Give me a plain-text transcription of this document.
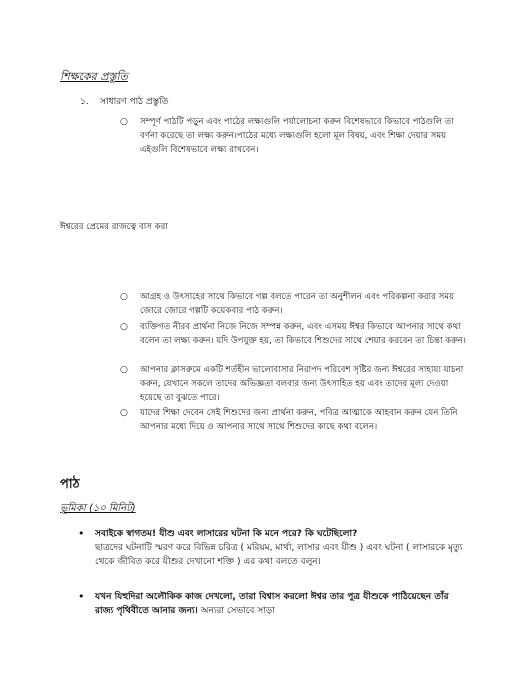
শিক্ষকের প্রস্তুতি
১. সাধারণ পাঠ প্রস্তুতি
○ সম্পূর্ণ পাঠটি পড়ুন এবং পাঠের লক্ষ্যগুলি পর্যালোচনা করুন বিশেষভাবে কিভাবে পাঠগুলি তা বর্ণনা করেছে তা লক্ষ্য করুন।পাঠের মধ্যে লক্ষ্যগুলি হলো মূল বিষয়, এবং শিক্ষা দেয়ার সময় এইগুলি বিশেষভাবে লক্ষ্য রাখবেন।
ঈশ্বরের প্রেমের রাজত্বে বাস করা
○ আগ্রহ ও উৎসাহের সাথে কিভাবে গল্প বলতে পারেন তা অনুশীলন এবং পরিকল্পনা করার সময় জোরে জোরে গল্পটি কয়েকবার পাঠ করুন।
○ ব্যক্তিগত নীরব প্রার্থনা নিজে নিজে সম্পন্ন করুন, এবং এসময় ঈশ্বর কিভাবে আপনার সাথে কথা বলেন তা লক্ষ্য করুন। যদি উপযুক্ত হয়, তা কিভাবে শিশুদের সাথে শেয়ার করবেন তা চিন্তা করুন।
○ আপনার ক্লাসরুমে একটি শর্তহীন ভালোবাসার নিরাপদ পরিবেশ সৃষ্টির জন্য ঈশ্বরের সাহায্য যাচনা করুন, যেখানে সকলে তাদের অভিজ্ঞতা বলবার জন্য উৎসাহিত হয় এবং তাদের মূল্য দেওয়া হয়েছে তা বুঝতে পারে।
○ যাদের শিক্ষা দেবেন সেই শিশুদের জন্য প্রার্থনা করুন, পবিত্র আত্মাকে আহবান করুন যেন তিনি আপনার মধ্যে দিয়ে ও আপনার সাথে সাথে শিশুদের কাছে কথা বলেন।
পাঠ
ভূমিকা (১০ মিনিট)
• সবাইকে স্বাগতম! যীশু এবং লাসারের ঘটনা কি মনে পরে? কি ঘটেছিলো?
ছাত্রদের ঘটনাটি স্মরণ করে বিভিন্ন চরিত্র ( মরিয়ম, মার্থা, লাসার এবং যীশু ) এবং ঘটনা ( লাসারকে মৃত্যু থেকে জীবিত করে যীশুর দেখানো শক্তি ) এর কথা বলতে বলুন।
• যখন যিহুদিরা অলৌকিক কাজ দেখলো, তারা বিশ্বাস করলো ঈশ্বর তার পুত্র যীশুকে পাঠিয়েছেন তাঁর রাজ্য পৃথিবীতে আনার জন্য। অন্যরা সেভাবে সাড়া
